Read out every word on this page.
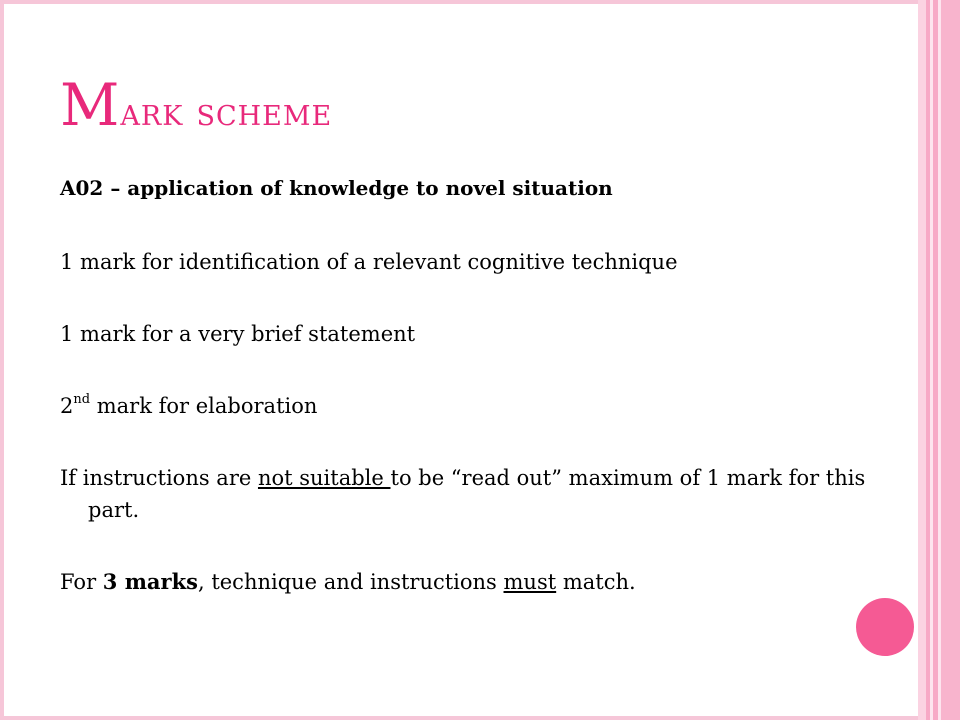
Mark scheme

A02 – application of knowledge to novel situation

1 mark for identification of a relevant cognitive technique

1 mark for a very brief statement

2nd mark for elaboration

If instructions are not suitable to be “read out” maximum of 1 mark for this part.

For 3 marks, technique and instructions must match.
